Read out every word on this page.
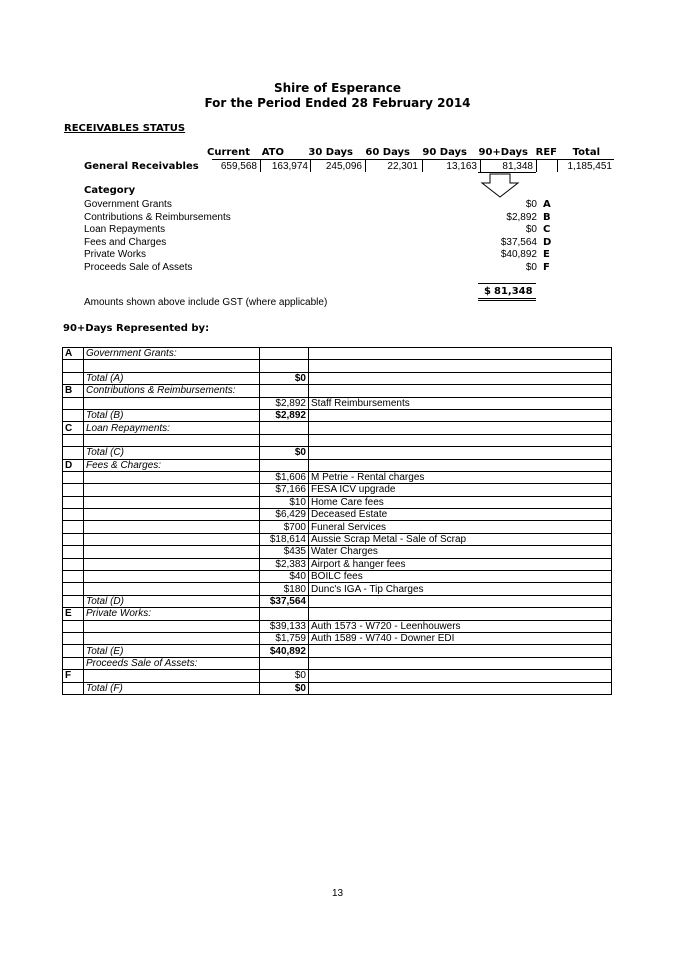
Shire of Esperance
For the Period Ended 28 February 2014
RECEIVABLES STATUS
Current	ATO	30 Days	60 Days	90 Days	90+Days REF	Total
General Receivables	659,568	163,974	245,096	22,301	13,163	81,348	1,185,451
Category
Government Grants	$0 A
Contributions & Reimbursements	$2,892 B
Loan Repayments	$0 C
Fees and Charges	$37,564 D
Private Works	$40,892 E
Proceeds Sale of Assets	$0 F
$ 81,348
Amounts shown above include GST (where applicable)
90+Days Represented by:
A	Government Grants:		

	Total (A)	$0	
B	Contributions & Reimbursements:		
		$2,892	Staff Reimbursements
	Total (B)	$2,892	
C	Loan Repayments:		

	Total (C)	$0	
D	Fees & Charges:		
		$1,606	M Petrie - Rental charges
		$7,166	FESA ICV upgrade
		$10	Home Care fees
		$6,429	Deceased Estate
		$700	Funeral Services
		$18,614	Aussie Scrap Metal - Sale of Scrap
		$435	Water Charges
		$2,383	Airport & hanger fees
		$40	BOILC fees
		$180	Dunc's IGA - Tip Charges
	Total (D)	$37,564	
E	Private Works:		
		$39,133	Auth 1573 - W720 - Leenhouwers
		$1,759	Auth 1589 - W740 - Downer EDI
	Total (E)	$40,892	
	Proceeds Sale of Assets:		
F		$0	
	Total (F)	$0	
13
